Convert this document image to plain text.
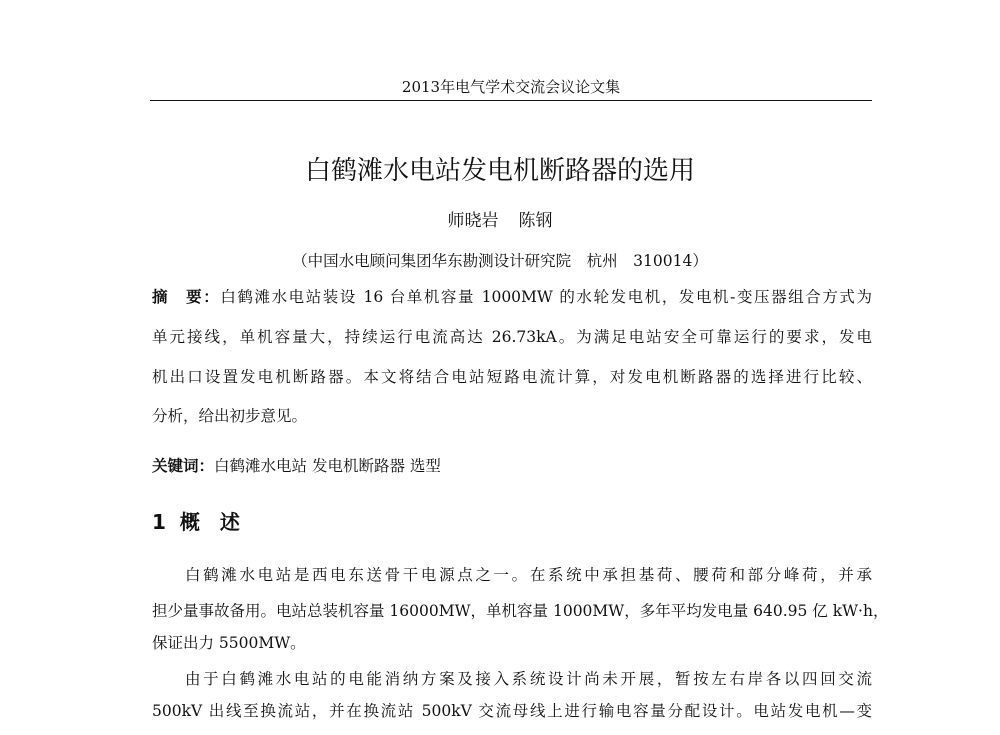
2013年电气学术交流会议论文集
白鹤滩水电站发电机断路器的选用
师晓岩 陈钢
（中国水电顾问集团华东勘测设计研究院　杭州　310014）
摘　要：白鹤滩水电站装设 16 台单机容量 1000MW 的水轮发电机，发电机-变压器组合方式为
单元接线，单机容量大，持续运行电流高达 26.73kA。为满足电站安全可靠运行的要求，发电
机出口设置发电机断路器。本文将结合电站短路电流计算，对发电机断路器的选择进行比较、
分析，给出初步意见。
关键词：白鹤滩水电站 发电机断路器 选型
1 概　述
白鹤滩水电站是西电东送骨干电源点之一。在系统中承担基荷、腰荷和部分峰荷，并承
担少量事故备用。电站总装机容量 16000MW，单机容量 1000MW，多年平均发电量 640.95 亿 kW·h，
保证出力 5500MW。
由于白鹤滩水电站的电能消纳方案及接入系统设计尚未开展，暂按左右岸各以四回交流
500kV 出线至换流站，并在换流站 500kV 交流母线上进行输电容量分配设计。电站发电机—变
